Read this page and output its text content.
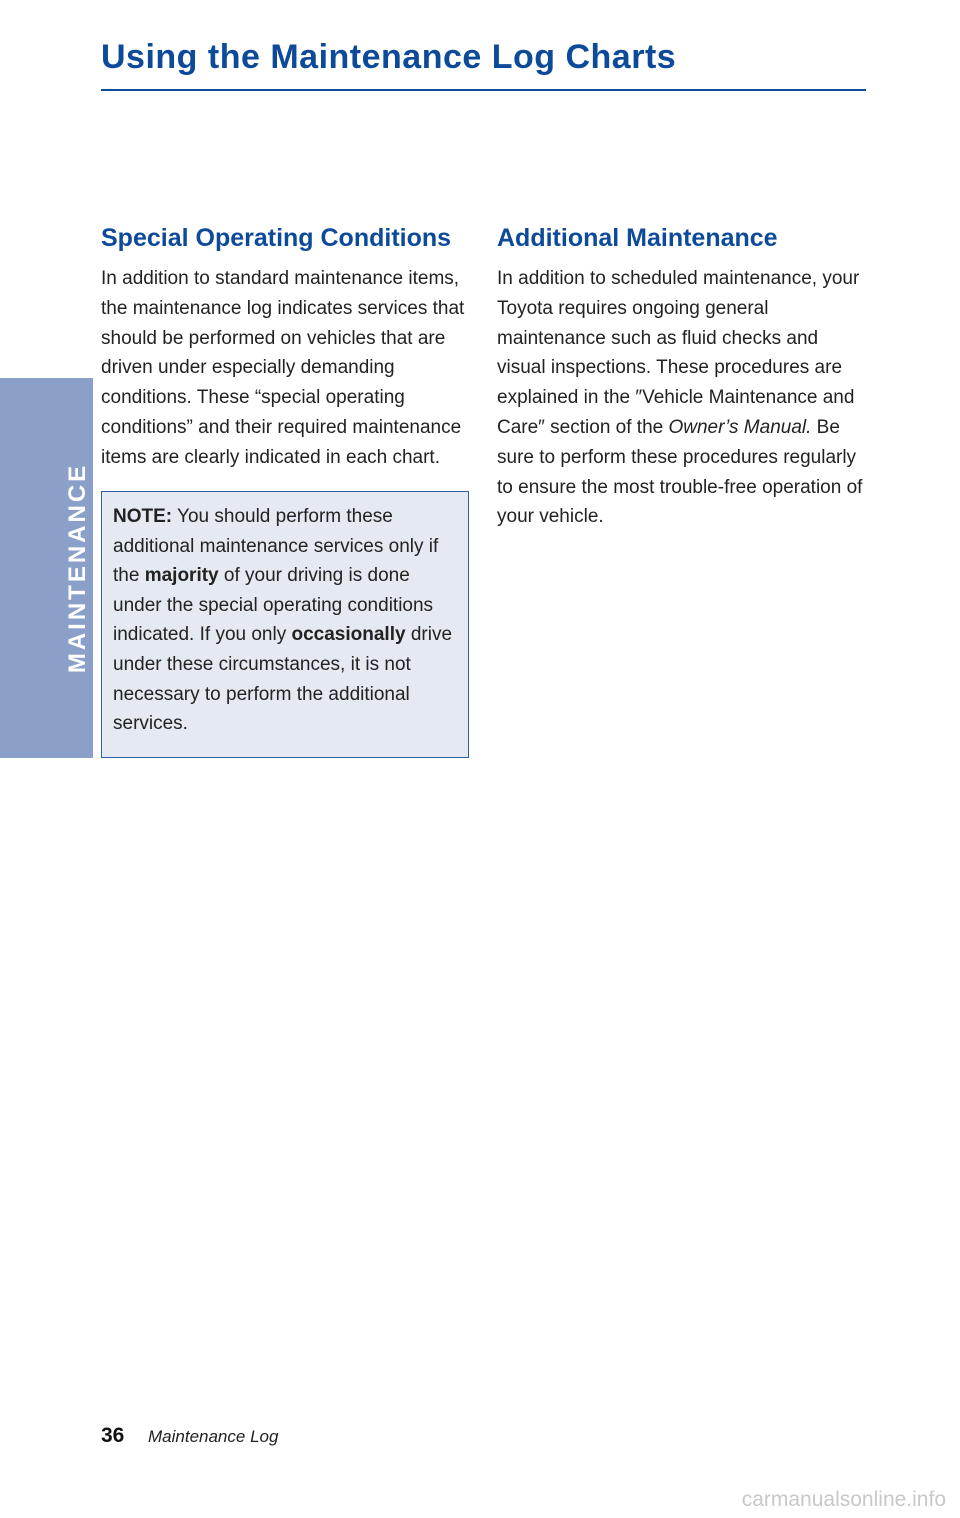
Using the Maintenance Log Charts
MAINTENANCE
Special Operating Conditions

In addition to standard maintenance items, the maintenance log indicates services that should be performed on vehicles that are driven under especially demanding conditions. These “special operating conditions” and their required maintenance items are clearly indicated in each chart.

NOTE: You should perform these additional maintenance services only if the majority of your driving is done under the special operating conditions indicated. If you only occasionally drive under these circumstances, it is not necessary to perform the additional services.

Additional Maintenance

In addition to scheduled maintenance, your Toyota requires ongoing general maintenance such as fluid checks and visual inspections. These procedures are explained in the ″Vehicle Maintenance and Care″ section of the Owner’s Manual. Be sure to perform these procedures regularly to ensure the most trouble-free operation of your vehicle.

36 Maintenance Log
carmanualsonline.info
